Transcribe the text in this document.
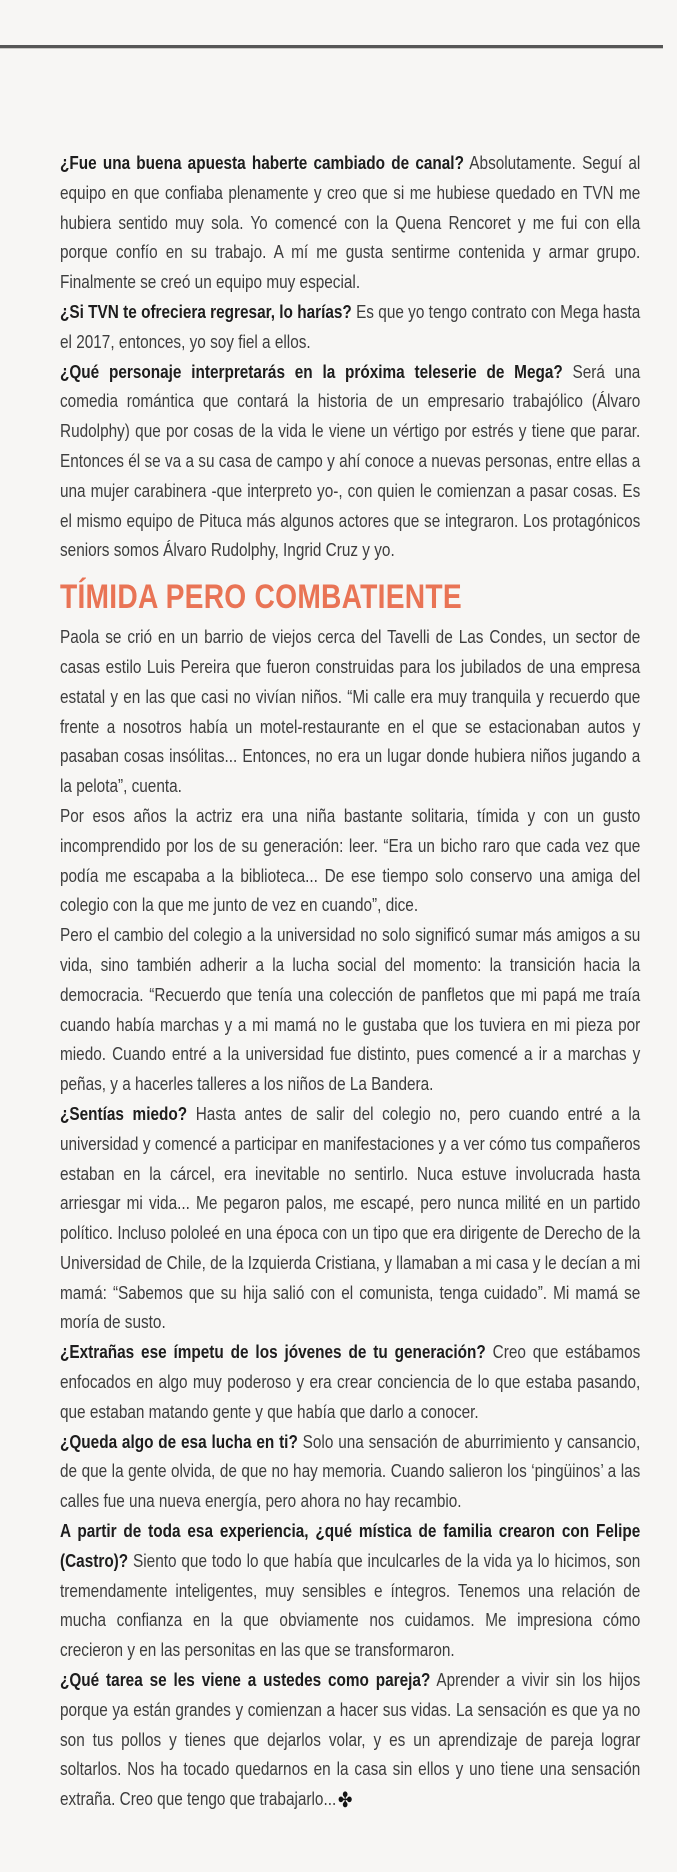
¿Fue una buena apuesta haberte cambiado de canal? Absolutamente. Seguí al equipo en que confiaba plenamente y creo que si me hubiese quedado en TVN me hubiera sentido muy sola. Yo comencé con la Quena Rencoret y me fui con ella porque confío en su trabajo. A mí me gusta sentirme contenida y armar grupo. Finalmente se creó un equipo muy especial.

¿Si TVN te ofreciera regresar, lo harías? Es que yo tengo contrato con Mega hasta el 2017, entonces, yo soy fiel a ellos.

¿Qué personaje interpretarás en la próxima teleserie de Mega? Será una comedia romántica que contará la historia de un empresario trabajólico (Álvaro Rudolphy) que por cosas de la vida le viene un vértigo por estrés y tiene que parar. Entonces él se va a su casa de campo y ahí conoce a nuevas personas, entre ellas a una mujer carabinera -que interpreto yo-, con quien le comienzan a pasar cosas. Es el mismo equipo de Pituca más algunos actores que se integraron. Los protagónicos seniors somos Álvaro Rudolphy, Ingrid Cruz y yo.

TÍMIDA PERO COMBATIENTE

Paola se crió en un barrio de viejos cerca del Tavelli de Las Condes, un sector de casas estilo Luis Pereira que fueron construidas para los jubilados de una empresa estatal y en las que casi no vivían niños. “Mi calle era muy tranquila y recuerdo que frente a nosotros había un motel-restaurante en el que se estacionaban autos y pasaban cosas insólitas... Entonces, no era un lugar donde hubiera niños jugando a la pelota”, cuenta.

Por esos años la actriz era una niña bastante solitaria, tímida y con un gusto incomprendido por los de su generación: leer. “Era un bicho raro que cada vez que podía me escapaba a la biblioteca... De ese tiempo solo conservo una amiga del colegio con la que me junto de vez en cuando”, dice.

Pero el cambio del colegio a la universidad no solo significó sumar más amigos a su vida, sino también adherir a la lucha social del momento: la transición hacia la democracia. “Recuerdo que tenía una colección de panfletos que mi papá me traía cuando había marchas y a mi mamá no le gustaba que los tuviera en mi pieza por miedo. Cuando entré a la universidad fue distinto, pues comencé a ir a marchas y peñas, y a hacerles talleres a los niños de La Bandera.

¿Sentías miedo? Hasta antes de salir del colegio no, pero cuando entré a la universidad y comencé a participar en manifestaciones y a ver cómo tus compañeros estaban en la cárcel, era inevitable no sentirlo. Nuca estuve involucrada hasta arriesgar mi vida... Me pegaron palos, me escapé, pero nunca milité en un partido político. Incluso pololeé en una época con un tipo que era dirigente de Derecho de la Universidad de Chile, de la Izquierda Cristiana, y llamaban a mi casa y le decían a mi mamá: “Sabemos que su hija salió con el comunista, tenga cuidado”. Mi mamá se moría de susto.

¿Extrañas ese ímpetu de los jóvenes de tu generación? Creo que estábamos enfocados en algo muy poderoso y era crear conciencia de lo que estaba pasando, que estaban matando gente y que había que darlo a conocer.

¿Queda algo de esa lucha en ti? Solo una sensación de aburrimiento y cansancio, de que la gente olvida, de que no hay memoria. Cuando salieron los ‘pingüinos’ a las calles fue una nueva energía, pero ahora no hay recambio.

A partir de toda esa experiencia, ¿qué mística de familia crearon con Felipe (Castro)? Siento que todo lo que había que inculcarles de la vida ya lo hicimos, son tremendamente inteligentes, muy sensibles e íntegros. Tenemos una relación de mucha confianza en la que obviamente nos cuidamos. Me impresiona cómo crecieron y en las personitas en las que se transformaron.

¿Qué tarea se les viene a ustedes como pareja? Aprender a vivir sin los hijos porque ya están grandes y comienzan a hacer sus vidas. La sensación es que ya no son tus pollos y tienes que dejarlos volar, y es un aprendizaje de pareja lograr soltarlos. Nos ha tocado quedarnos en la casa sin ellos y uno tiene una sensación extraña. Creo que tengo que trabajarlo...✤
